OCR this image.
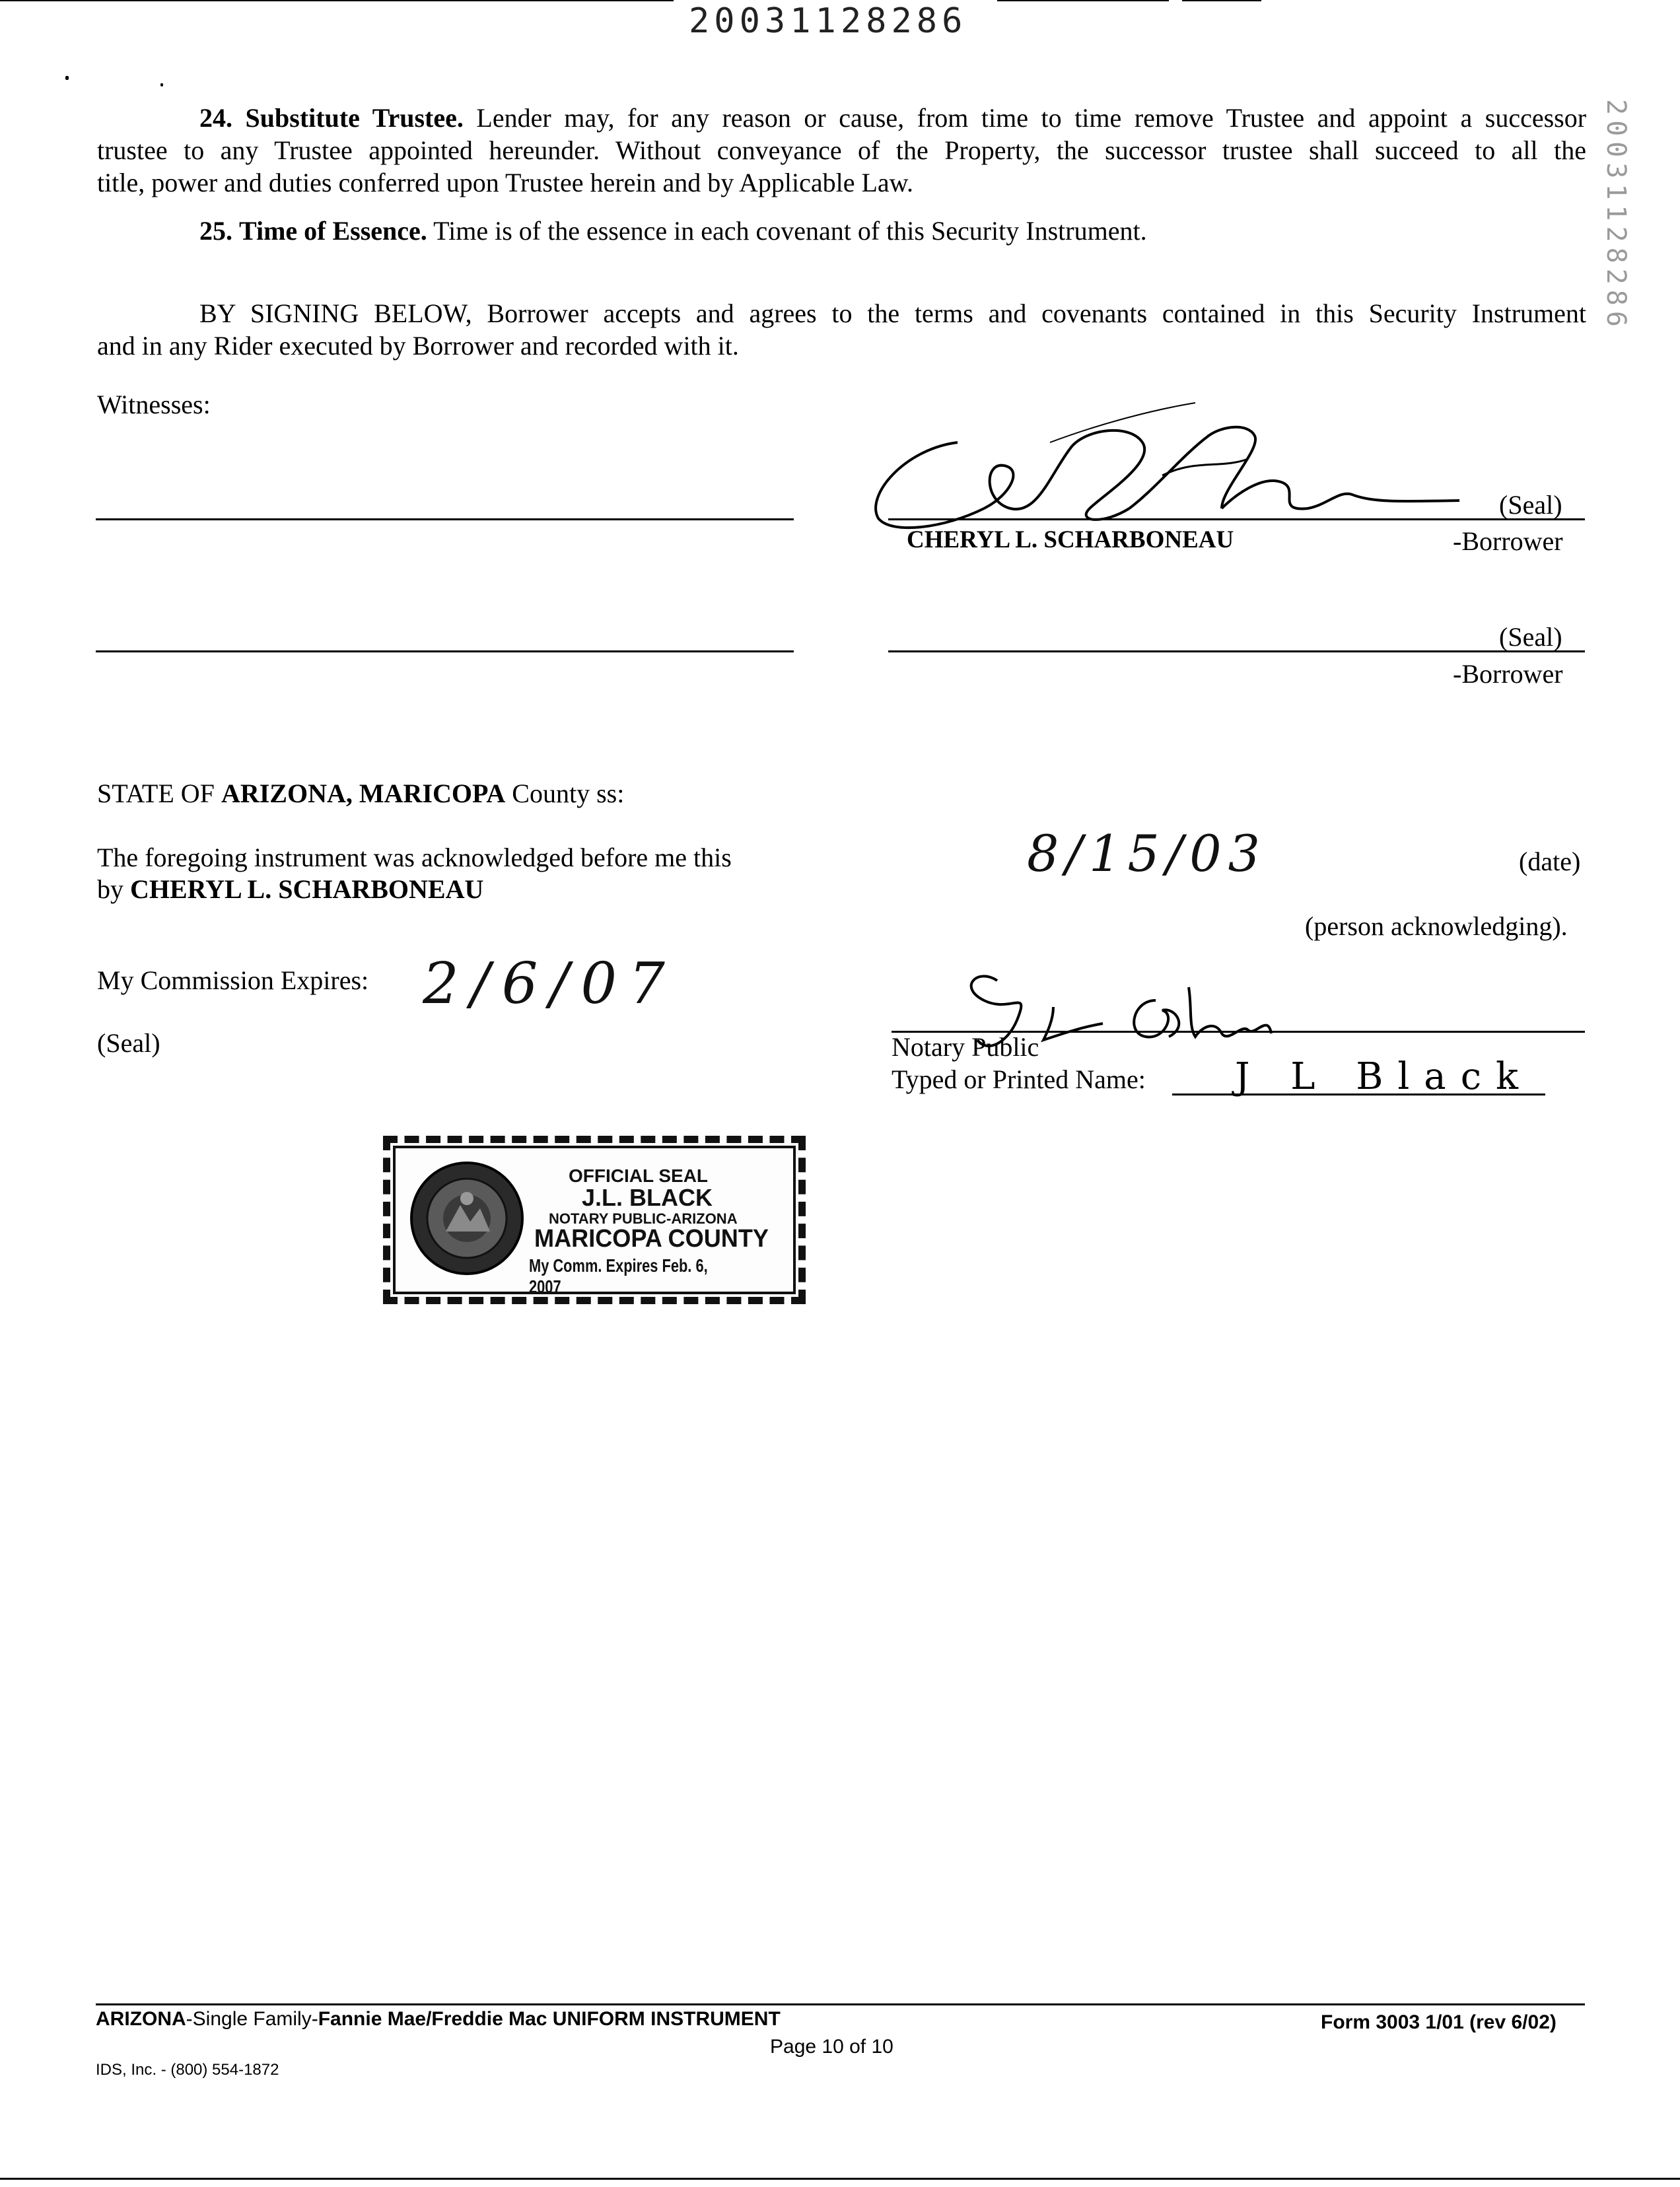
20031128286
20031128286
24. Substitute Trustee. Lender may, for any reason or cause, from time to time remove Trustee and appoint a successor
trustee to any Trustee appointed hereunder. Without conveyance of the Property, the successor trustee shall succeed to all the
title, power and duties conferred upon Trustee herein and by Applicable Law.
25. Time of Essence. Time is of the essence in each covenant of this Security Instrument.
BY SIGNING BELOW, Borrower accepts and agrees to the terms and covenants contained in this Security Instrument
and in any Rider executed by Borrower and recorded with it.
Witnesses:
(Seal)
CHERYL L. SCHARBONEAU	-Borrower
(Seal)
-Borrower
STATE OF ARIZONA, MARICOPA County ss:
The foregoing instrument was acknowledged before me this
by CHERYL L. SCHARBONEAU
8/15/03	(date)
(person acknowledging).
My Commission Expires: 2/6/07
(Seal)	Notary Public
Typed or Printed Name: J L Black
OFFICIAL SEAL
J.L. BLACK
NOTARY PUBLIC-ARIZONA
MARICOPA COUNTY
My Comm. Expires Feb. 6, 2007
ARIZONA-Single Family-Fannie Mae/Freddie Mac UNIFORM INSTRUMENT	Form 3003 1/01 (rev 6/02)
Page 10 of 10
IDS, Inc. - (800) 554-1872
